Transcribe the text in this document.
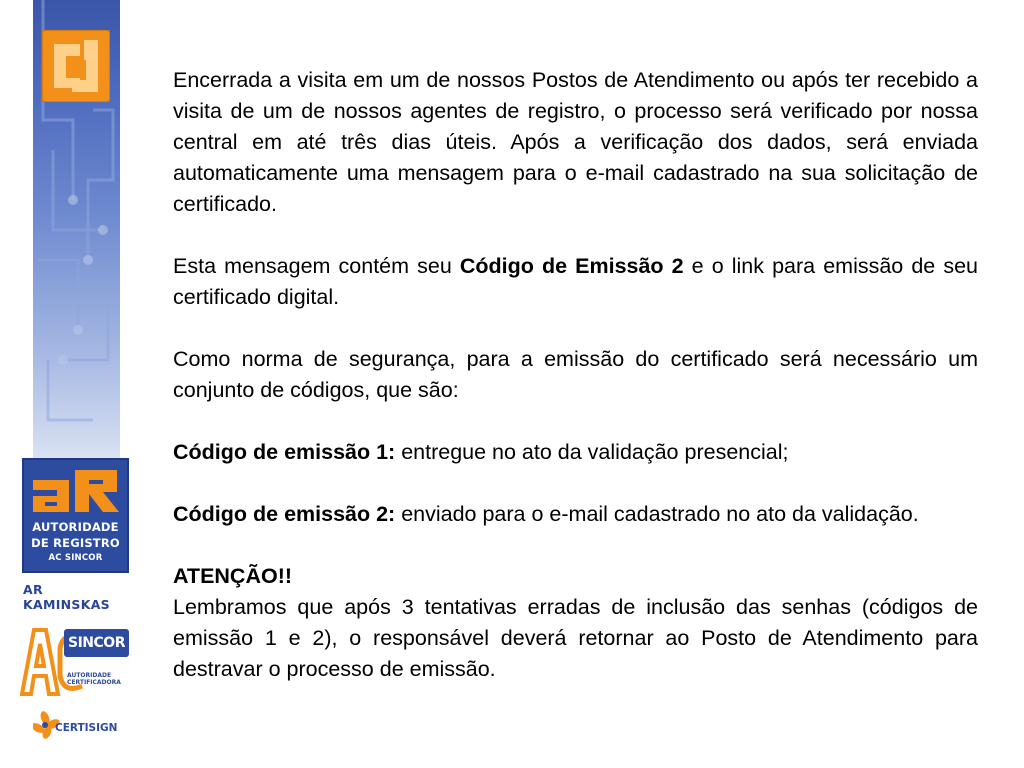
AUTORIDADE
DE REGISTRO
AC SINCOR
AR KAMINSKAS
SINCOR
AUTORIDADE
CERTIFICADORA
CERTISIGN

Encerrada a visita em um de nossos Postos de Atendimento ou após ter recebido a visita de um de nossos agentes de registro, o processo será verificado por nossa central em até três dias úteis. Após a verificação dos dados, será enviada automaticamente uma mensagem para o e-mail cadastrado na sua solicitação de certificado.

Esta mensagem contém seu Código de Emissão 2 e o link para emissão de seu certificado digital.

Como norma de segurança, para a emissão do certificado será necessário um conjunto de códigos, que são:

Código de emissão 1: entregue no ato da validação presencial;

Código de emissão 2: enviado para o e-mail cadastrado no ato da validação.

ATENÇÃO!!

Lembramos que após 3 tentativas erradas de inclusão das senhas (códigos de emissão 1 e 2), o responsável deverá retornar ao Posto de Atendimento para destravar o processo de emissão.
